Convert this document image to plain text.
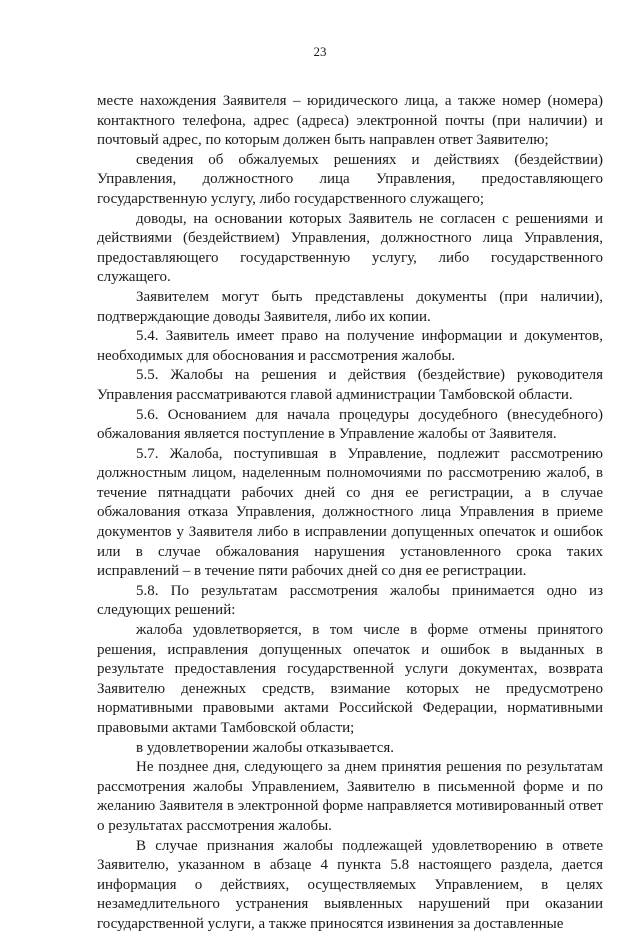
23

месте нахождения Заявителя – юридического лица, а также номер (номера) контактного телефона, адрес (адреса) электронной почты (при наличии) и почтовый адрес, по которым должен быть направлен ответ Заявителю;

сведения об обжалуемых решениях и действиях (бездействии) Управления, должностного лица Управления, предоставляющего государственную услугу, либо государственного служащего;

доводы, на основании которых Заявитель не согласен с решениями и действиями (бездействием) Управления, должностного лица Управления, предоставляющего государственную услугу, либо государственного служащего.

Заявителем могут быть представлены документы (при наличии), подтверждающие доводы Заявителя, либо их копии.

5.4. Заявитель имеет право на получение информации и документов, необходимых для обоснования и рассмотрения жалобы.

5.5. Жалобы на решения и действия (бездействие) руководителя Управления рассматриваются главой администрации Тамбовской области.

5.6. Основанием для начала процедуры досудебного (внесудебного) обжалования является поступление в Управление жалобы от Заявителя.

5.7. Жалоба, поступившая в Управление, подлежит рассмотрению должностным лицом, наделенным полномочиями по рассмотрению жалоб, в течение пятнадцати рабочих дней со дня ее регистрации, а в случае обжалования отказа Управления, должностного лица Управления в приеме документов у Заявителя либо в исправлении допущенных опечаток и ошибок или в случае обжалования нарушения установленного срока таких исправлений – в течение пяти рабочих дней со дня ее регистрации.

5.8. По результатам рассмотрения жалобы принимается одно из следующих решений:

жалоба удовлетворяется, в том числе в форме отмены принятого решения, исправления допущенных опечаток и ошибок в выданных в результате предоставления государственной услуги документах, возврата Заявителю денежных средств, взимание которых не предусмотрено нормативными правовыми актами Российской Федерации, нормативными правовыми актами Тамбовской области;

в удовлетворении жалобы отказывается.

Не позднее дня, следующего за днем принятия решения по результатам рассмотрения жалобы Управлением, Заявителю в письменной форме и по желанию Заявителя в электронной форме направляется мотивированный ответ о результатах рассмотрения жалобы.

В случае признания жалобы подлежащей удовлетворению в ответе Заявителю, указанном в абзаце 4 пункта 5.8 настоящего раздела, дается информация о действиях, осуществляемых Управлением, в целях незамедлительного устранения выявленных нарушений при оказании государственной услуги, а также приносятся извинения за доставленные
